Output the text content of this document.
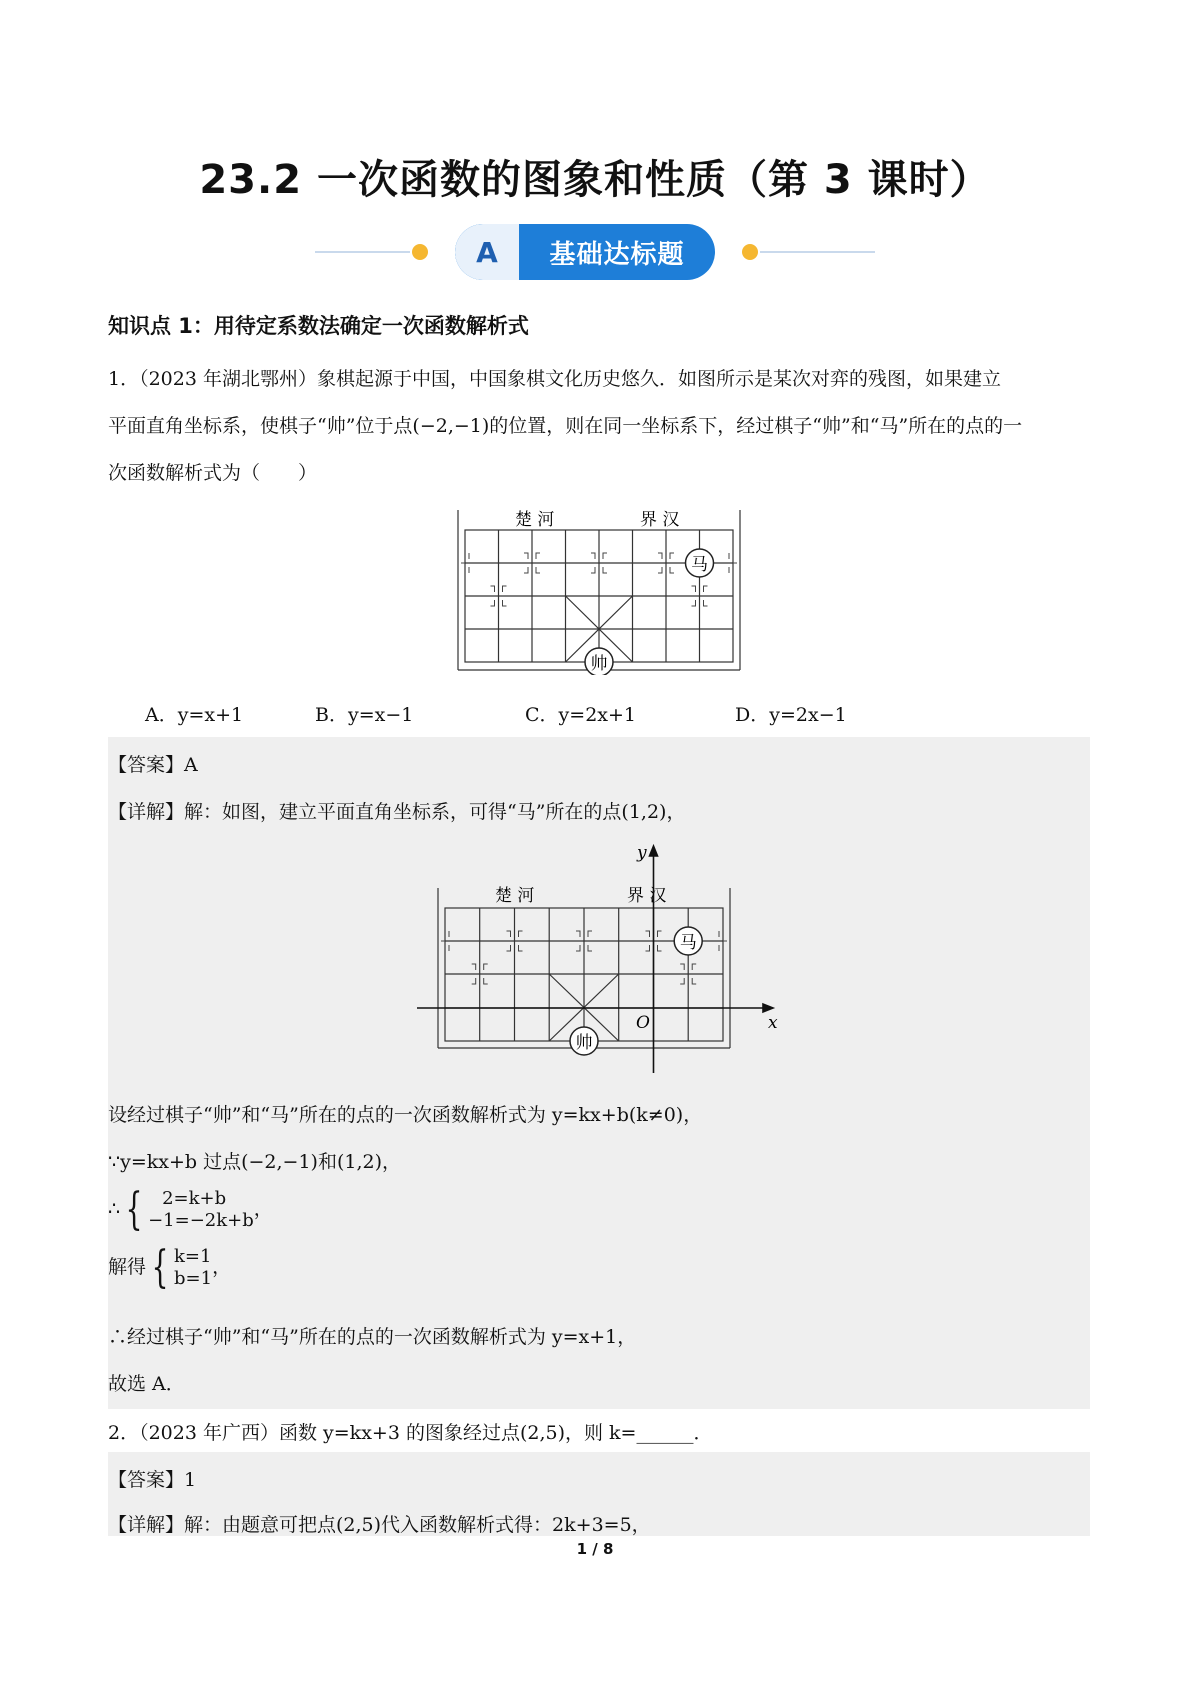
23.2 一次函数的图象和性质（第 3 课时）
A	基础达标题
知识点 1：用待定系数法确定一次函数解析式
1．（2023 年湖北鄂州）象棋起源于中国，中国象棋文化历史悠久．如图所示是某次对弈的残图，如果建立
平面直角坐标系，使棋子“帅”位于点(−2,−1)的位置，则在同一坐标系下，经过棋子“帅”和“马”所在的点的一
次函数解析式为（　　）
楚 河	界 汉
马
帅
A．y=x+1	B．y=x−1	C．y=2x+1	D．y=2x−1
【答案】A
【详解】解：如图，建立平面直角坐标系，可得“马”所在的点(1,2)，
x
y
O
楚 河	界 汉
马
帅
设经过棋子“帅”和“马”所在的点的一次函数解析式为 y=kx+b(k≠0)，
∵y=kx+b 过点(−2,−1)和(1,2)，
∴ {	2=k+b
−1=−2k+b
，
解得 { k=1
b=1
，
∴经过棋子“帅”和“马”所在的点的一次函数解析式为 y=x+1，
故选 A．
2．（2023 年广西）函数 y=kx+3 的图象经过点(2,5)，则 k=______．
【答案】1
【详解】解：由题意可把点(2,5)代入函数解析式得：2k+3=5，
1 / 8
